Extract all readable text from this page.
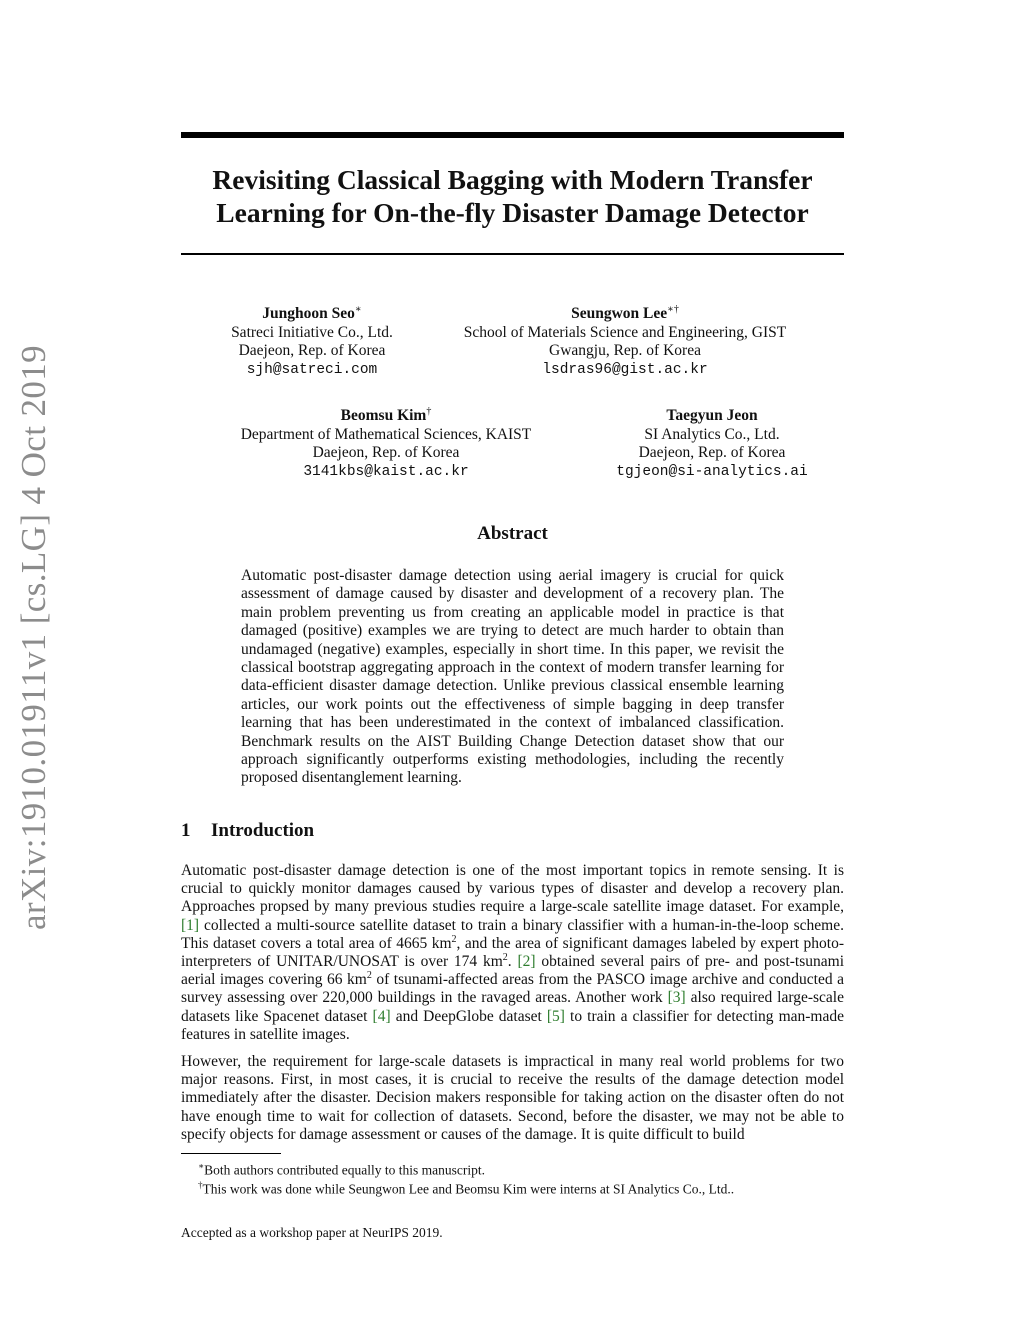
arXiv:1910.01911v1 [cs.LG] 4 Oct 2019
Revisiting Classical Bagging with Modern Transfer
Learning for On-the-fly Disaster Damage Detector
Junghoon Seo∗
Satreci Initiative Co., Ltd.
Daejeon, Rep. of Korea
sjh@satreci.com
Seungwon Lee∗†
School of Materials Science and Engineering, GIST
Gwangju, Rep. of Korea
lsdras96@gist.ac.kr
Beomsu Kim†
Department of Mathematical Sciences, KAIST
Daejeon, Rep. of Korea
3141kbs@kaist.ac.kr
Taegyun Jeon
SI Analytics Co., Ltd.
Daejeon, Rep. of Korea
tgjeon@si-analytics.ai
Abstract

Automatic post-disaster damage detection using aerial imagery is crucial for quick assessment of damage caused by disaster and development of a recovery plan. The main problem preventing us from creating an applicable model in practice is that damaged (positive) examples we are trying to detect are much harder to obtain than undamaged (negative) examples, especially in short time. In this paper, we revisit the classical bootstrap aggregating approach in the context of modern transfer learning for data-efficient disaster damage detection. Unlike previous classical ensemble learning articles, our work points out the effectiveness of simple bagging in deep transfer learning that has been underestimated in the context of imbalanced classification. Benchmark results on the AIST Building Change Detection dataset show that our approach significantly outperforms existing methodologies, including the recently proposed disentanglement learning.

1 Introduction

Automatic post-disaster damage detection is one of the most important topics in remote sensing. It is crucial to quickly monitor damages caused by various types of disaster and develop a recovery plan. Approaches propsed by many previous studies require a large-scale satellite image dataset. For example, [1] collected a multi-source satellite dataset to train a binary classifier with a human-in-the-loop scheme. This dataset covers a total area of 4665 $km^2$, and the area of significant damages labeled by expert photo-interpreters of UNITAR/UNOSAT is over 174 $km^2$. [2] obtained several pairs of pre- and post-tsunami aerial images covering 66 $km^2$ of tsunami-affected areas from the PASCO image archive and conducted a survey assessing over 220,000 buildings in the ravaged areas. Another work [3] also required large-scale datasets like Spacenet dataset [4] and DeepGlobe dataset [5] to train a classifier for detecting man-made features in satellite images.

However, the requirement for large-scale datasets is impractical in many real world problems for two major reasons. First, in most cases, it is crucial to receive the results of the damage detection model immediately after the disaster. Decision makers responsible for taking action on the disaster often do not have enough time to wait for collection of datasets. Second, before the disaster, we may not be able to specify objects for damage assessment or causes of the damage. It is quite difficult to build

∗Both authors contributed equally to this manuscript.

†This work was done while Seungwon Lee and Beomsu Kim were interns at SI Analytics Co., Ltd..

Accepted as a workshop paper at NeurIPS 2019.
